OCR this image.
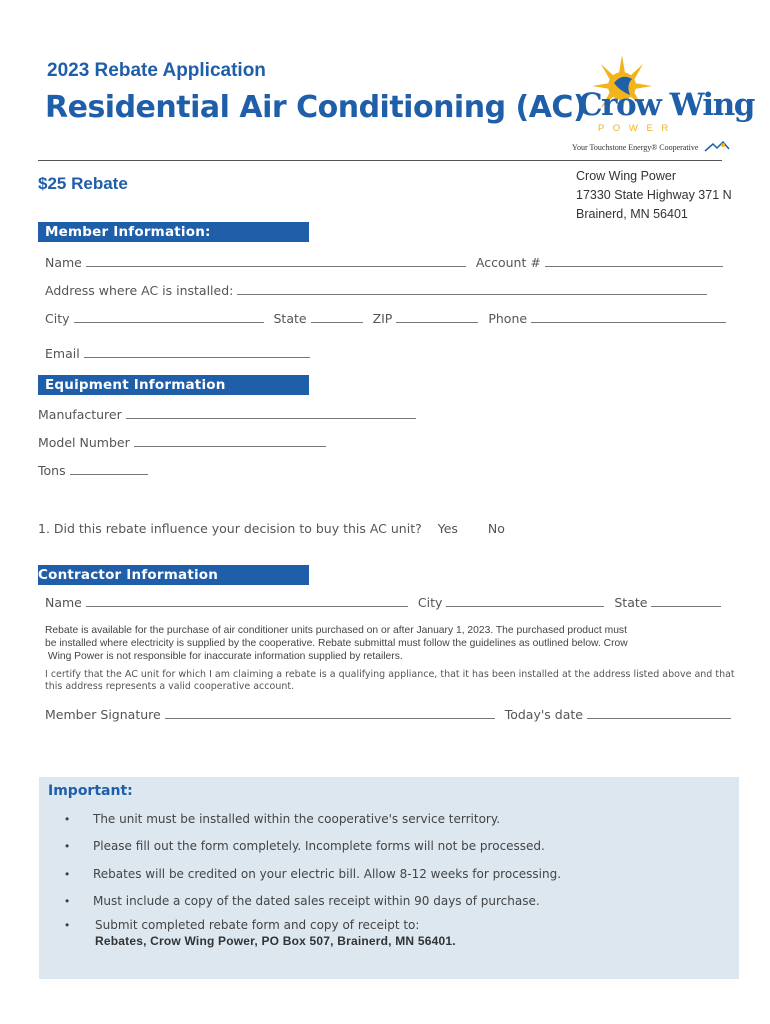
2023 Rebate Application
Residential Air Conditioning (AC)
Crow Wing
P O W E R
Your Touchstone Energy® Cooperative
$25 Rebate	Crow Wing Power
17330 State Highway 371 N
Brainerd, MN 56401
Member Information:
Name	Account #
Address where AC is installed:
City	State	ZIP	Phone
Email
Equipment Information
Manufacturer
Model Number
Tons
1. Did this rebate influence your decision to buy this AC unit? Yes No
Contractor Information
Name	City	State
Rebate is available for the purchase of air conditioner units purchased on or after January 1, 2023. The purchased product must
be installed where electricity is supplied by the cooperative. Rebate submittal must follow the guidelines as outlined below. Crow
Wing Power is not responsible for inaccurate information supplied by retailers.
I certify that the AC unit for which I am claiming a rebate is a qualifying appliance, that it has been installed at the address listed above and that
this address represents a valid cooperative account.
Member Signature	Today's date
Important:
• The unit must be installed within the cooperative's service territory.
• Please fill out the form completely. Incomplete forms will not be processed.
• Rebates will be credited on your electric bill. Allow 8-12 weeks for processing.
• Must include a copy of the dated sales receipt within 90 days of purchase.
• Submit completed rebate form and copy of receipt to:
Rebates, Crow Wing Power, PO Box 507, Brainerd, MN 56401.
